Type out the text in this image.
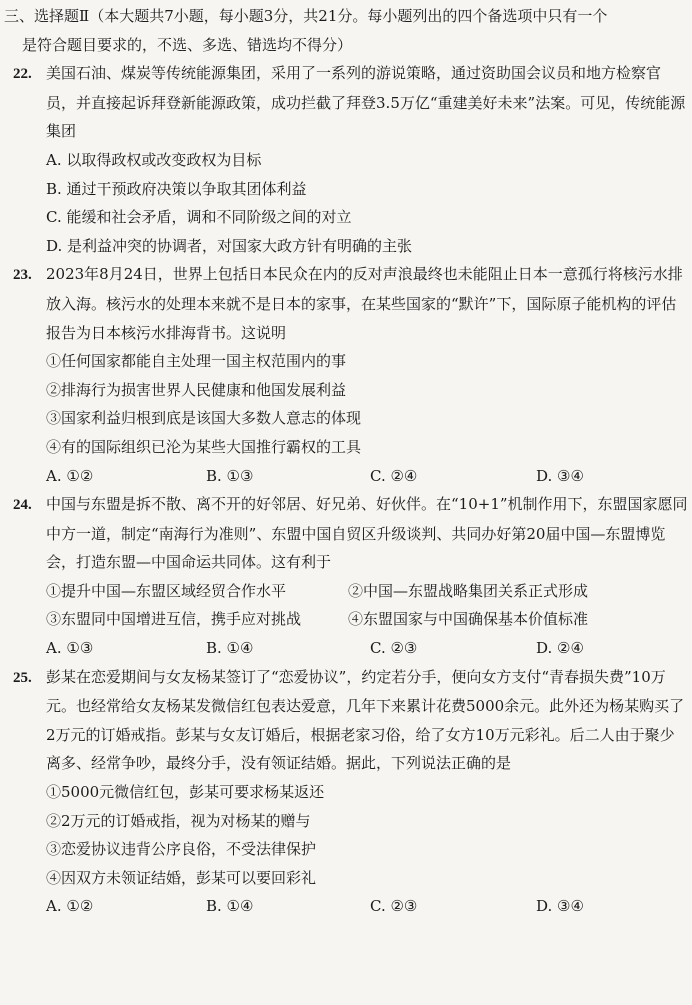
三、选择题Ⅱ（本大题共7小题，每小题3分，共21分。每小题列出的四个备选项中只有一个
是符合题目要求的，不选、多选、错选均不得分）
22. 美国石油、煤炭等传统能源集团，采用了一系列的游说策略，通过资助国会议员和地方检察官员，并直接起诉拜登新能源政策，成功拦截了拜登3.5万亿“重建美好未来”法案。可见，传统能源集团
A. 以取得政权或改变政权为目标
B. 通过干预政府决策以争取其团体利益
C. 能缓和社会矛盾，调和不同阶级之间的对立
D. 是利益冲突的协调者，对国家大政方针有明确的主张
23. 2023年8月24日，世界上包括日本民众在内的反对声浪最终也未能阻止日本一意孤行将核污水排放入海。核污水的处理本来就不是日本的家事，在某些国家的“默许”下，国际原子能机构的评估报告为日本核污水排海背书。这说明
①任何国家都能自主处理一国主权范围内的事
②排海行为损害世界人民健康和他国发展利益
③国家利益归根到底是该国大多数人意志的体现
④有的国际组织已沦为某些大国推行霸权的工具
A. ①②	B. ①③	C. ②④	D. ③④
24. 中国与东盟是拆不散、离不开的好邻居、好兄弟、好伙伴。在“10+1”机制作用下，东盟国家愿同中方一道，制定“南海行为准则”、东盟中国自贸区升级谈判、共同办好第20届中国—东盟博览会，打造东盟—中国命运共同体。这有利于
①提升中国—东盟区域经贸合作水平	②中国—东盟战略集团关系正式形成
③东盟同中国增进互信，携手应对挑战	④东盟国家与中国确保基本价值标准
A. ①③	B. ①④	C. ②③	D. ②④
25. 彭某在恋爱期间与女友杨某签订了“恋爱协议”，约定若分手，便向女方支付“青春损失费”10万元。也经常给女友杨某发微信红包表达爱意，几年下来累计花费5000余元。此外还为杨某购买了2万元的订婚戒指。彭某与女友订婚后，根据老家习俗，给了女方10万元彩礼。后二人由于聚少离多、经常争吵，最终分手，没有领证结婚。据此，下列说法正确的是
①5000元微信红包，彭某可要求杨某返还
②2万元的订婚戒指，视为对杨某的赠与
③恋爱协议违背公序良俗，不受法律保护
④因双方未领证结婚，彭某可以要回彩礼
A. ①②	B. ①④	C. ②③	D. ③④
